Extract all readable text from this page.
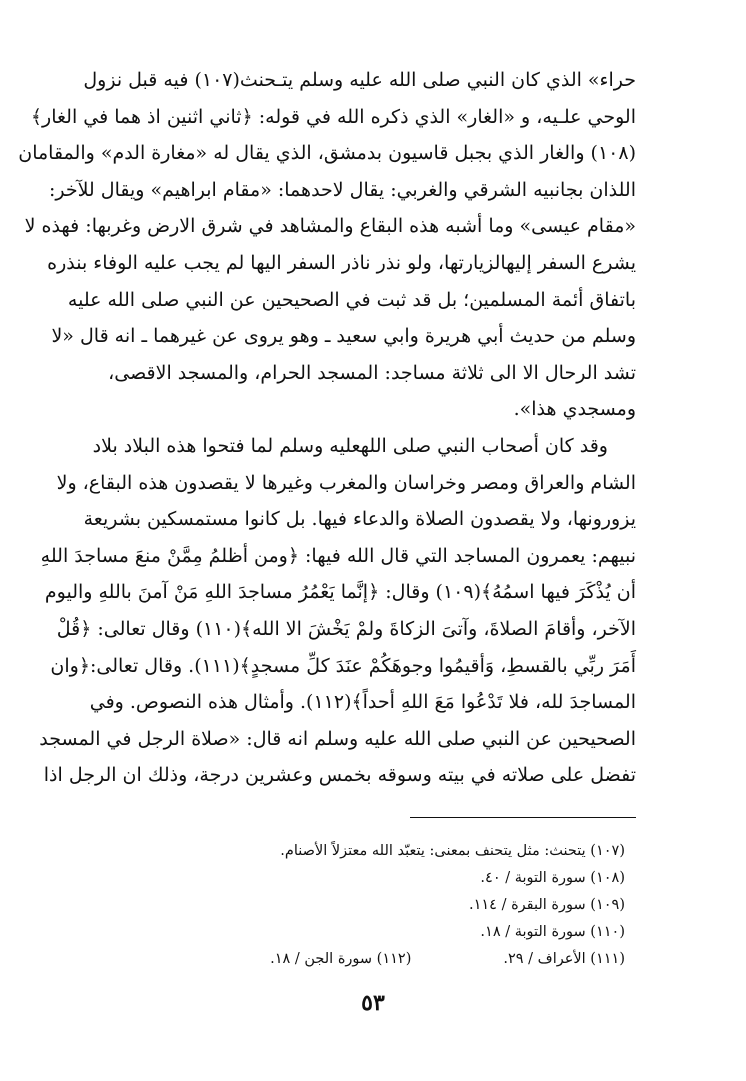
حراء» الذي كان النبي صلى الله عليه وسلم يتـحنث(١٠٧) فيه قبل نزول
الوحي علـيه، و «الغار» الذي ذكره الله في قوله: ﴿ثاني اثنين اذ هما في الغار﴾
(١٠٨) والغار الذي بجبل قاسيون بدمشق، الذي يقال له «مغارة الدم» والمقامان
اللذان بجانبيه الشرقي والغربي: يقال لاحدهما: «مقام ابراهيم» ويقال للآخر:
«مقام عيسى» وما أشبه هذه البقاع والمشاهد في شرق الارض وغربها: فهذه لا
يشرع السفر إليهالزيارتها، ولو نذر ناذر السفر اليها لم يجب عليه الوفاء بنذره
باتفاق أئمة المسلمين؛ بل قد ثبت في الصحيحين عن النبي صلى الله عليه
وسلم من حديث أبي هريرة وابي سعيد ـ وهو يروى عن غيرهما ـ انه قال «لا
تشد الرحال الا الى ثلاثة مساجد: المسجد الحرام، والمسجد الاقصى،
ومسجدي هذا».
وقد كان أصحاب النبي صلى اللهعليه وسلم لما فتحوا هذه البلاد بلاد
الشام والعراق ومصر وخراسان والمغرب وغيرها لا يقصدون هذه البقاع، ولا
يزورونها، ولا يقصدون الصلاة والدعاء فيها. بل كانوا مستمسكين بشريعة
نبيهم: يعمرون المساجد التي قال الله فيها: ﴿ومن أظلمُ مِمَّنْ منعَ مساجدَ اللهِ
أن يُذْكَرَ فيها اسمُهُ﴾(١٠٩) وقال: ﴿إنَّما يَعْمُرُ مساجدَ اللهِ مَنْ آمنَ باللهِ واليوم
الآخر، وأقامَ الصلاةَ، وآتىَ الزكاةَ ولمْ يَخْشَ الا الله﴾(١١٠) وقال تعالى: ﴿قُلْ
أَمَرَ ربِّي بالقسطِ، وَأقيمُوا وجوهَكُمْ عنَدَ كلِّ مسجدٍ﴾(١١١). وقال تعالى:﴿وان
المساجدَ لله، فلا تَدْعُوا مَعَ اللهِ أحداً﴾(١١٢). وأمثال هذه النصوص. وفي
الصحيحين عن النبي صلى الله عليه وسلم انه قال: «صلاة الرجل في المسجد
تفضل على صلاته في بيته وسوقه بخمس وعشرين درجة، وذلك ان الرجل اذا
(١٠٧) يتحنث: مثل يتحنف بمعنى: يتعبّد الله معتزلاً الأصنام.
(١٠٨) سورة التوبة / ٤٠.
(١٠٩) سورة البقرة / ١١٤.
(١١٠) سورة التوبة / ١٨.
(١١١) الأعراف / ٢٩.
(١١٢) سورة الجن / ١٨.
٥٣
